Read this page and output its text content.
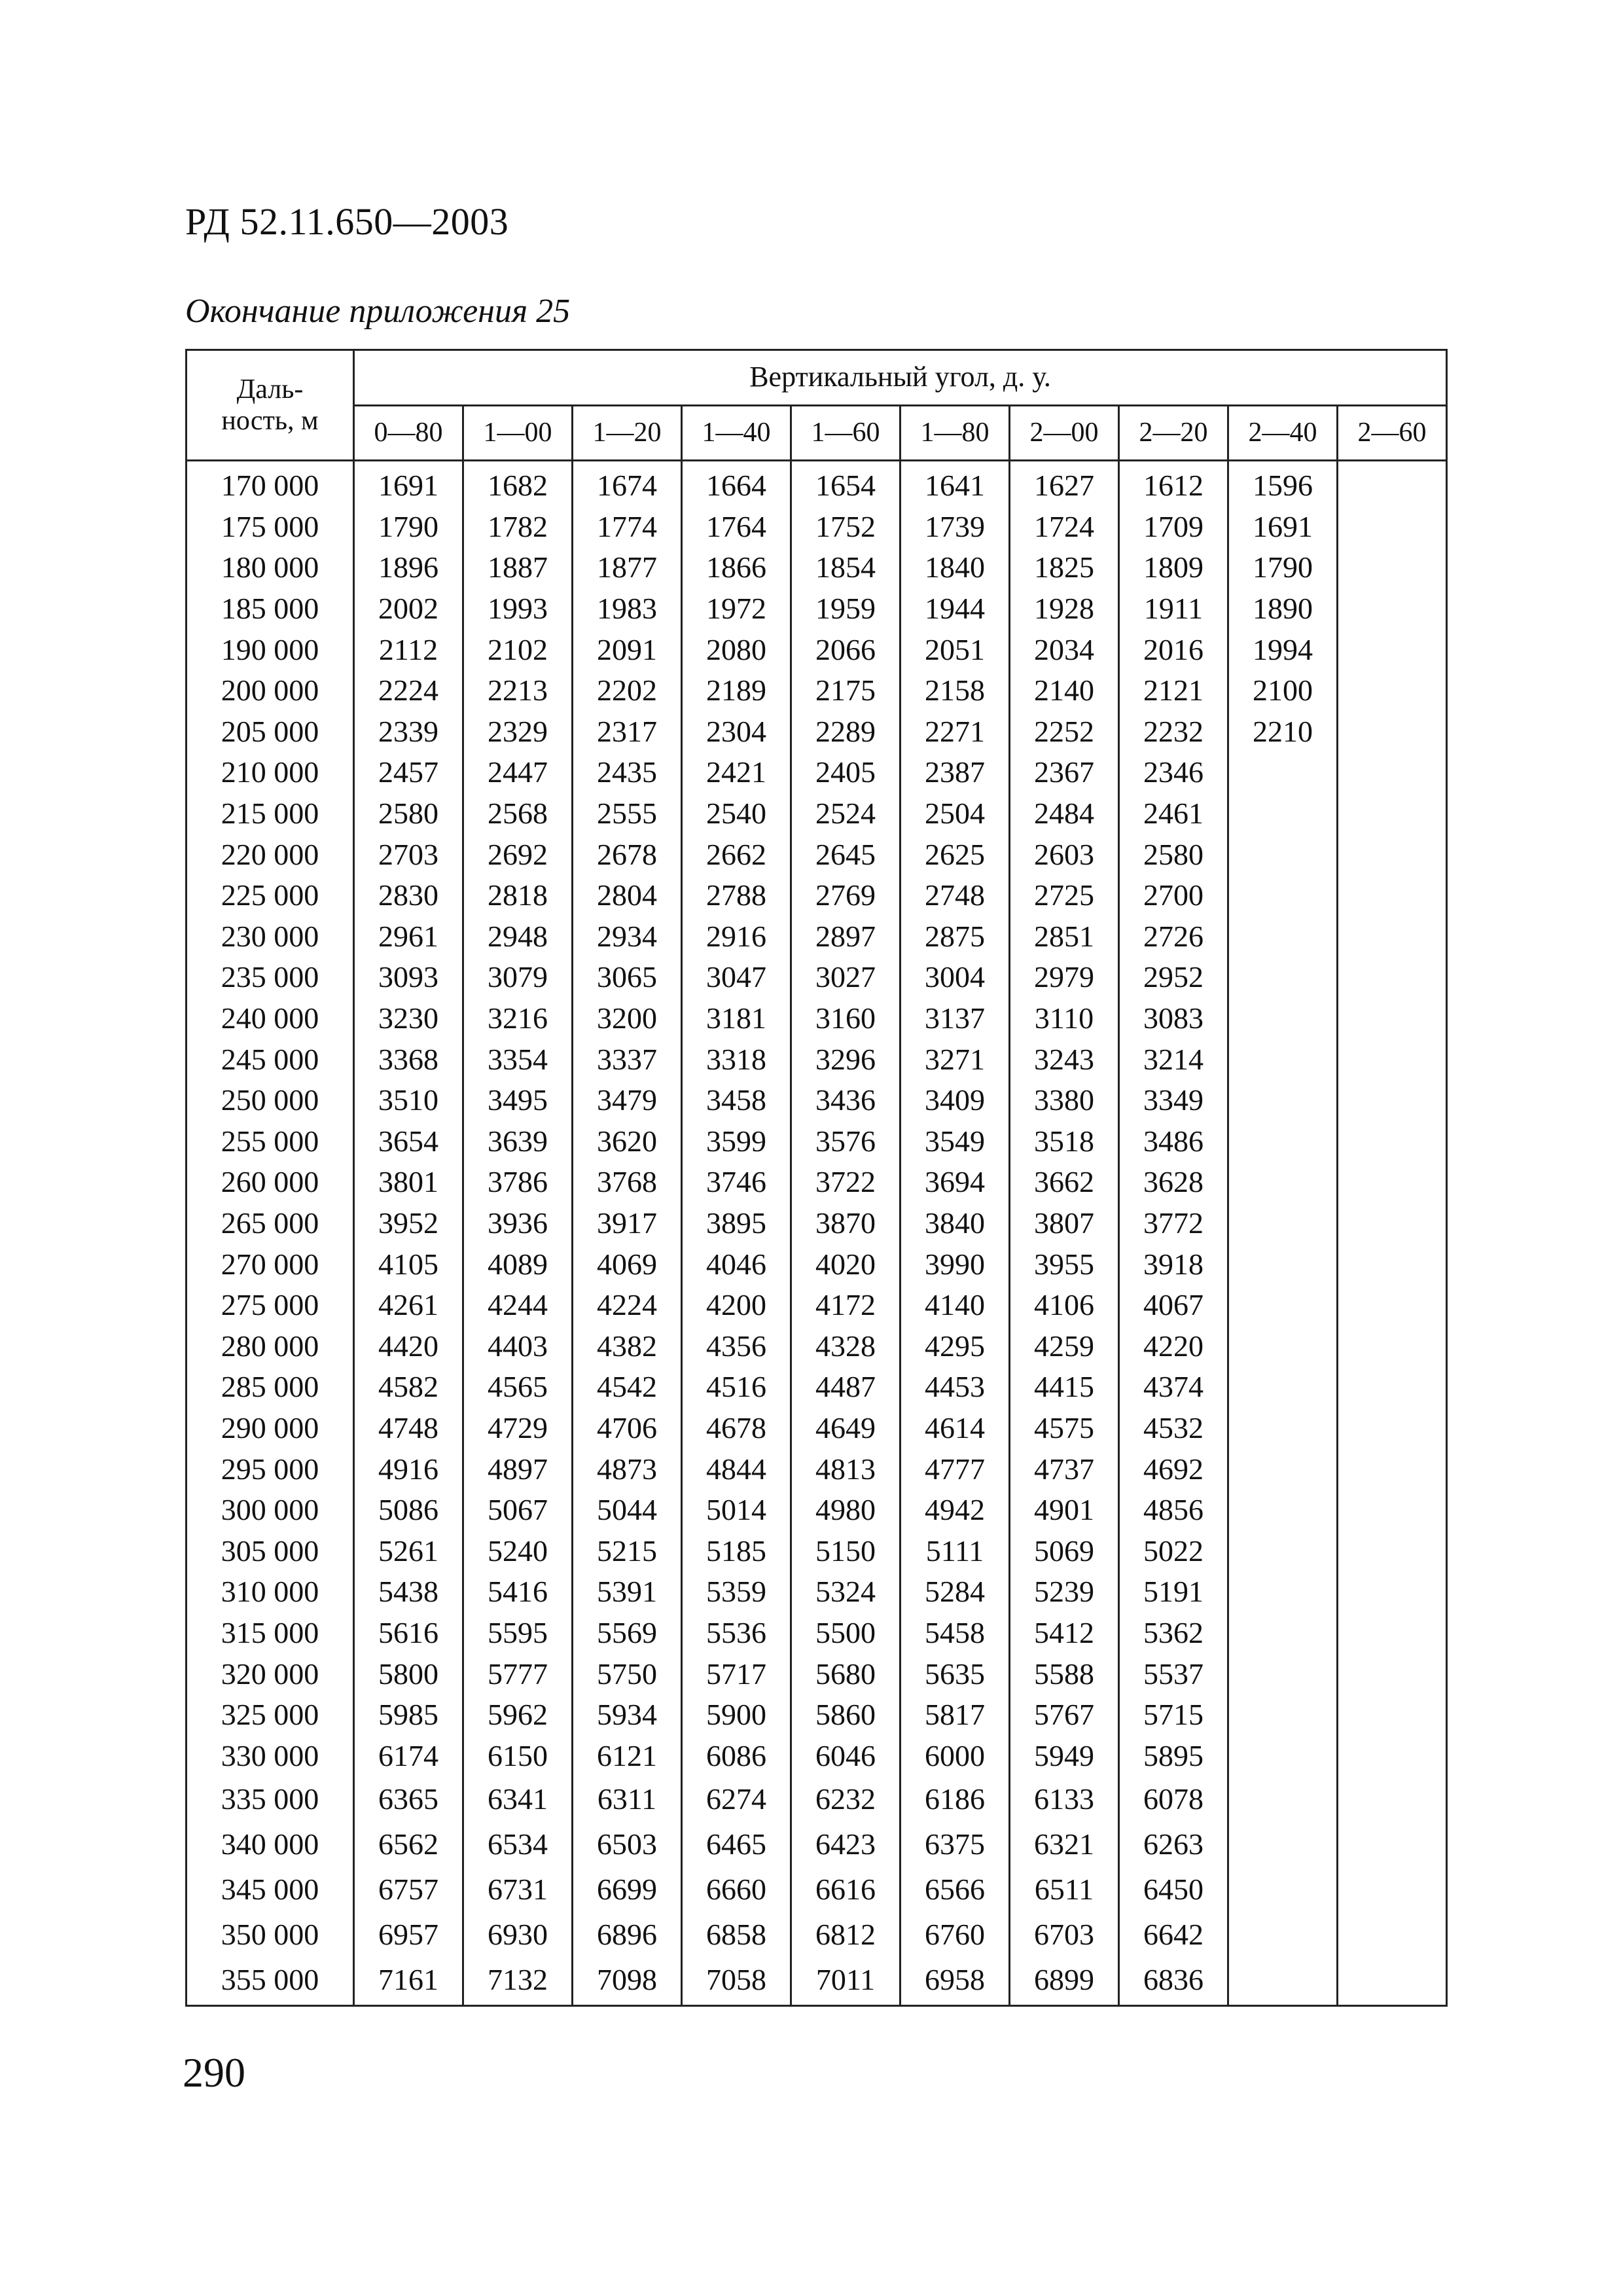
РД 52.11.650—2003
Окончание приложения 25
Даль-
ность, м	Вертикальный угол, д. у.									
	0—80	1—00	1—20	1—40	1—60	1—80	2—00	2—20	2—40	2—60
170 000	1691	1682	1674	1664	1654	1641	1627	1612	1596	
175 000	1790	1782	1774	1764	1752	1739	1724	1709	1691	
180 000	1896	1887	1877	1866	1854	1840	1825	1809	1790	
185 000	2002	1993	1983	1972	1959	1944	1928	1911	1890	
190 000	2112	2102	2091	2080	2066	2051	2034	2016	1994	
200 000	2224	2213	2202	2189	2175	2158	2140	2121	2100	
205 000	2339	2329	2317	2304	2289	2271	2252	2232	2210	
210 000	2457	2447	2435	2421	2405	2387	2367	2346		
215 000	2580	2568	2555	2540	2524	2504	2484	2461		
220 000	2703	2692	2678	2662	2645	2625	2603	2580		
225 000	2830	2818	2804	2788	2769	2748	2725	2700		
230 000	2961	2948	2934	2916	2897	2875	2851	2726		
235 000	3093	3079	3065	3047	3027	3004	2979	2952		
240 000	3230	3216	3200	3181	3160	3137	3110	3083		
245 000	3368	3354	3337	3318	3296	3271	3243	3214		
250 000	3510	3495	3479	3458	3436	3409	3380	3349		
255 000	3654	3639	3620	3599	3576	3549	3518	3486		
260 000	3801	3786	3768	3746	3722	3694	3662	3628		
265 000	3952	3936	3917	3895	3870	3840	3807	3772		
270 000	4105	4089	4069	4046	4020	3990	3955	3918		
275 000	4261	4244	4224	4200	4172	4140	4106	4067		
280 000	4420	4403	4382	4356	4328	4295	4259	4220		
285 000	4582	4565	4542	4516	4487	4453	4415	4374		
290 000	4748	4729	4706	4678	4649	4614	4575	4532		
295 000	4916	4897	4873	4844	4813	4777	4737	4692		
300 000	5086	5067	5044	5014	4980	4942	4901	4856		
305 000	5261	5240	5215	5185	5150	5111	5069	5022		
310 000	5438	5416	5391	5359	5324	5284	5239	5191		
315 000	5616	5595	5569	5536	5500	5458	5412	5362		
320 000	5800	5777	5750	5717	5680	5635	5588	5537		
325 000	5985	5962	5934	5900	5860	5817	5767	5715		
330 000	6174	6150	6121	6086	6046	6000	5949	5895		
335 000	6365	6341	6311	6274	6232	6186	6133	6078		
340 000	6562	6534	6503	6465	6423	6375	6321	6263		
345 000	6757	6731	6699	6660	6616	6566	6511	6450		
350 000	6957	6930	6896	6858	6812	6760	6703	6642		
355 000	7161	7132	7098	7058	7011	6958	6899	6836		
290
